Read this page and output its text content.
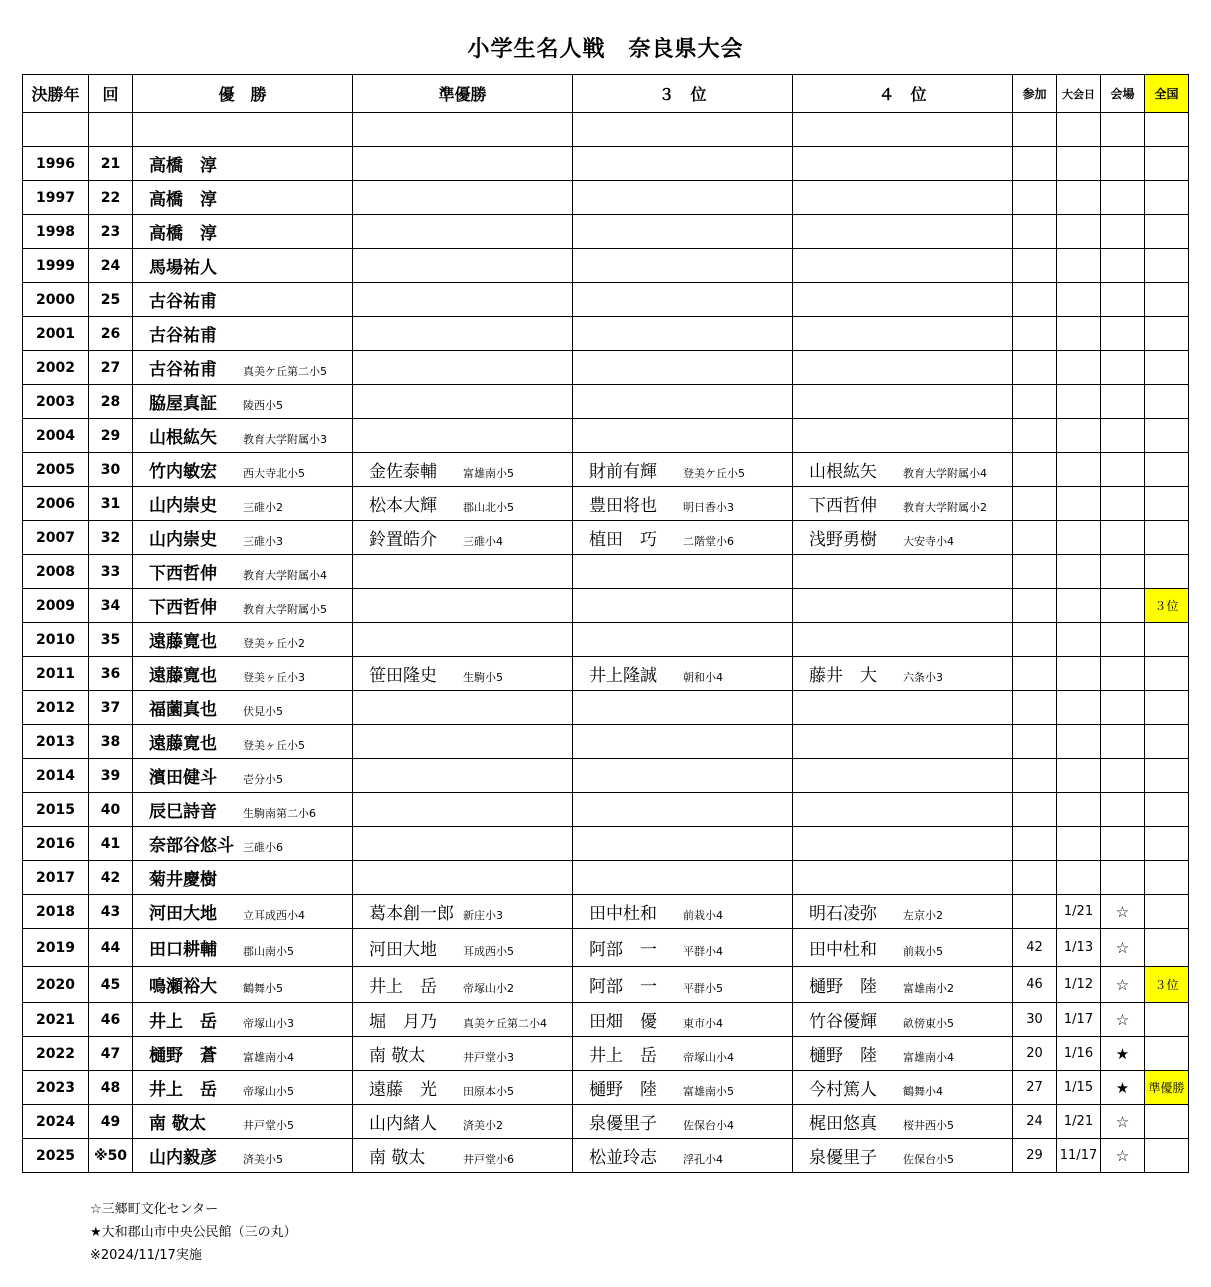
小学生名人戦　奈良県大会
決勝年	回	優　勝	準優勝	３　位	４　位	参加	大会日	会場	全国

1996	21	高橋　淳							

1997	22	高橋　淳							

1998	23	高橋　淳							

1999	24	馬場祐人							

2000	25	古谷祐甫							

2001	26	古谷祐甫							

2002	27	古谷祐甫 真美ケ丘第二小5							

2003	28	脇屋真証 陵西小5							

2004	29	山根紘矢 教育大学附属小3							

2005	30	竹内敏宏 西大寺北小5	金佐泰輔 富雄南小5	財前有輝 登美ケ丘小5	山根紘矢 教育大学附属小4				

2006	31	山内崇史 三碓小2	松本大輝 郡山北小5	豊田将也 明日香小3	下西哲伸 教育大学附属小2				

2007	32	山内崇史 三碓小3	鈴置皓介 三碓小4	植田　巧 二階堂小6	浅野勇樹 大安寺小4				

2008	33	下西哲伸 教育大学附属小4							

2009	34	下西哲伸 教育大学附属小5							３位
2010	35	遠藤寛也 登美ヶ丘小2							

2011	36	遠藤寛也 登美ヶ丘小3	笹田隆史 生駒小5	井上隆誠 朝和小4	藤井　大 六条小3				

2012	37	福薗真也 伏見小5							

2013	38	遠藤寛也 登美ヶ丘小5							

2014	39	濱田健斗 壱分小5							

2015	40	辰巳詩音 生駒南第二小6							

2016	41	奈部谷悠斗 三碓小6							

2017	42	菊井慶樹							

2018	43	河田大地 立耳成西小4	葛本創一郎 新庄小3	田中杜和 前栽小4	明石凌弥 左京小2		1/21	☆	
2019	44	田口耕輔 郡山南小5	河田大地 耳成西小5	阿部　一 平群小4	田中杜和 前栽小5	42	1/13	☆	
2020	45	鳴瀬裕大 鶴舞小5	井上　岳 帝塚山小2	阿部　一 平群小5	樋野　陸 富雄南小2	46	1/12	☆	３位
2021	46	井上　岳 帝塚山小3	堀　月乃 真美ケ丘第二小4	田畑　優 東市小4	竹谷優輝 畝傍東小5	30	1/17	☆	
2022	47	樋野　蒼 富雄南小4	南 敬太 井戸堂小3	井上　岳 帝塚山小4	樋野　陸 富雄南小4	20	1/16	★	
2023	48	井上　岳 帝塚山小5	遠藤　光 田原本小5	樋野　陸 富雄南小5	今村篤人 鶴舞小4	27	1/15	★	準優勝
2024	49	南 敬太 井戸堂小5	山内緒人 済美小2	泉優里子 佐保台小4	梶田悠真 桜井西小5	24	1/21	☆	
2025	※50	山内毅彦 済美小5	南 敬太 井戸堂小6	松並玲志 浮孔小4	泉優里子 佐保台小5	29	11/17	☆	
☆三郷町文化センター
★大和郡山市中央公民館（三の丸）
※2024/11/17実施
